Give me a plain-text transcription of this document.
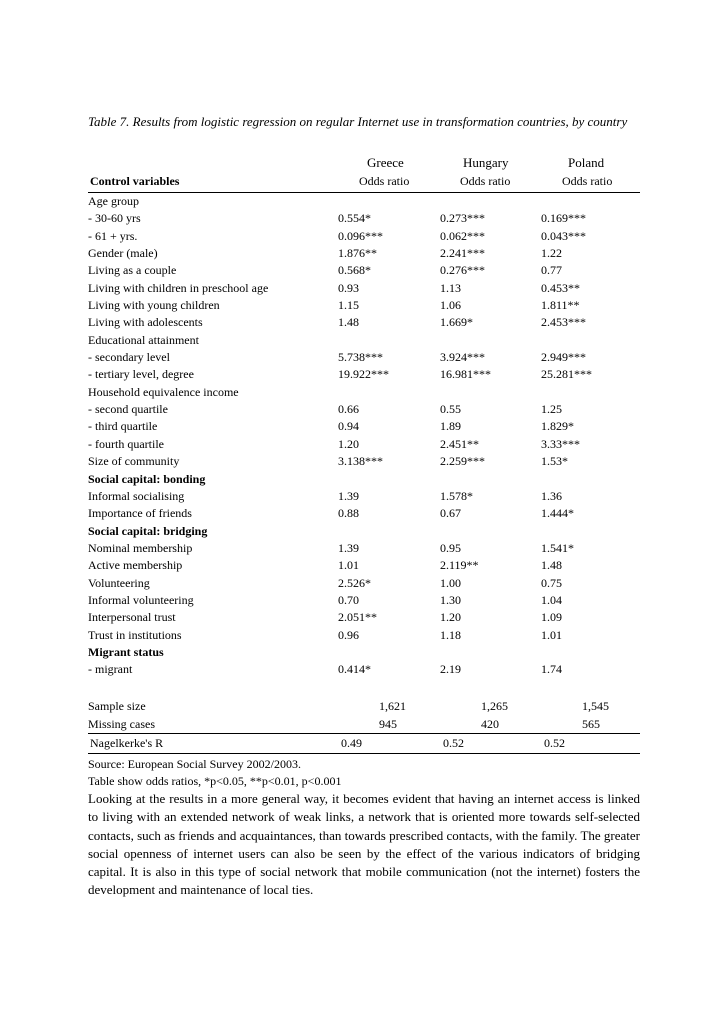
Table 7. Results from logistic regression on regular Internet use in transformation countries, by country
Greece	Hungary	Poland
Control variables	Odds ratio	Odds ratio	Odds ratio
Age group
- 30-60 yrs	0.554*	0.273***	0.169***
- 61 + yrs.	0.096***	0.062***	0.043***
Gender (male)	1.876**	2.241***	1.22
Living as a couple	0.568*	0.276***	0.77
Living with children in preschool age	0.93	1.13	0.453**
Living with young children	1.15	1.06	1.811**
Living with adolescents	1.48	1.669*	2.453***
Educational attainment
- secondary level	5.738***	3.924***	2.949***
- tertiary level, degree	19.922***	16.981***	25.281***
Household equivalence income
- second quartile	0.66	0.55	1.25
- third quartile	0.94	1.89	1.829*
- fourth quartile	1.20	2.451**	3.33***
Size of community	3.138***	2.259***	1.53*
Social capital: bonding
Informal socialising	1.39	1.578*	1.36
Importance of friends	0.88	0.67	1.444*
Social capital: bridging
Nominal membership	1.39	0.95	1.541*
Active membership	1.01	2.119**	1.48
Volunteering	2.526*	1.00	0.75
Informal volunteering	0.70	1.30	1.04
Interpersonal trust	2.051**	1.20	1.09
Trust in institutions	0.96	1.18	1.01
Migrant status
- migrant	0.414*	2.19	1.74
Sample size	1,621	1,265	1,545
Missing cases	945	420	565
Nagelkerke's R	0.49	0.52	0.52
Source: European Social Survey 2002/2003.
Table show odds ratios, *p<0.05, **p<0.01, p<0.001
Looking at the results in a more general way, it becomes evident that having an internet access is linked to living with an extended network of weak links, a network that is oriented more towards self-selected contacts, such as friends and acquaintances, than towards prescribed contacts, with the family. The greater social openness of internet users can also be seen by the effect of the various indicators of bridging capital. It is also in this type of social network that mobile communication (not the internet) fosters the development and maintenance of local ties.
